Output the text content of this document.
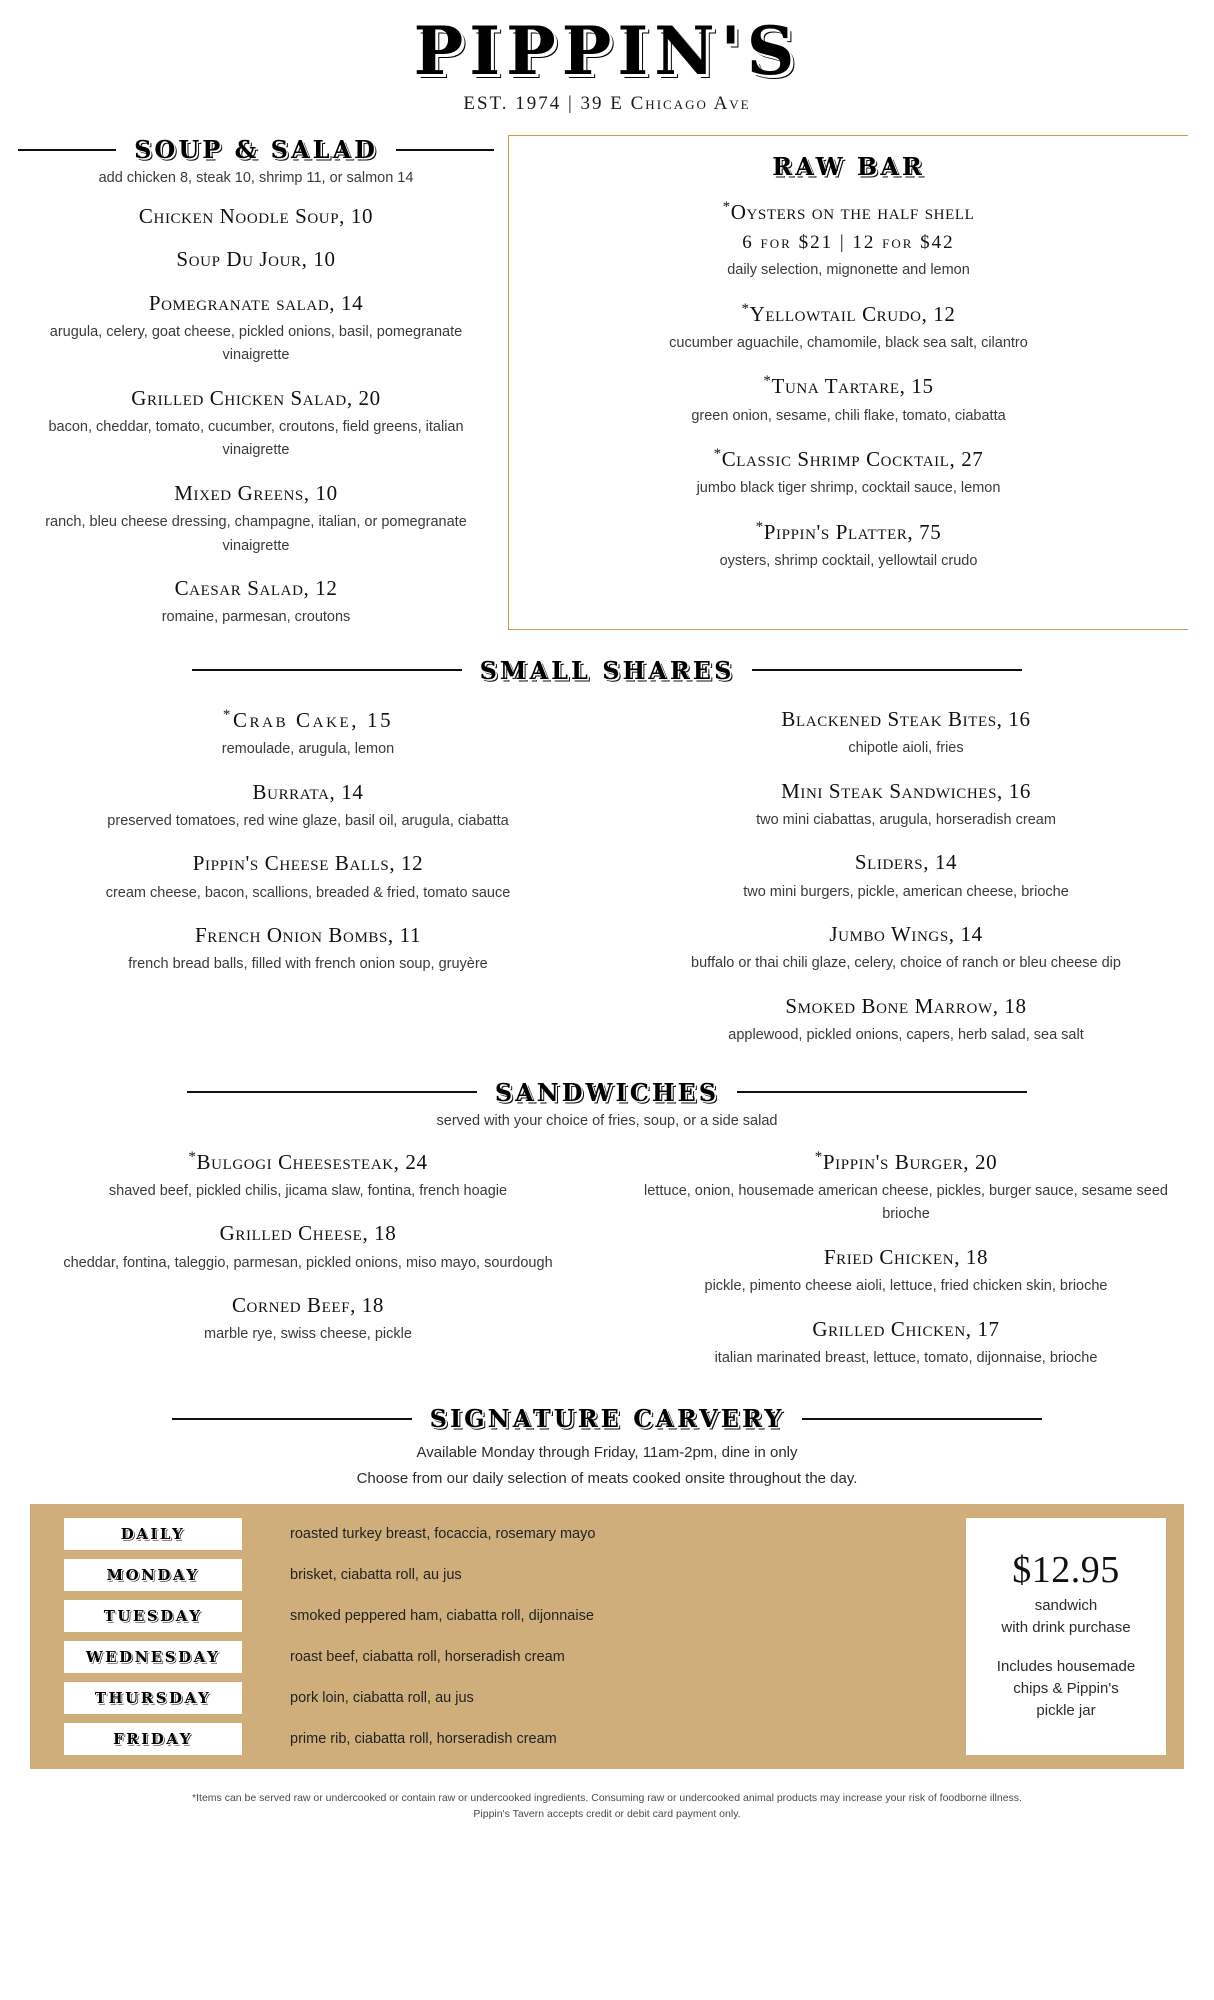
PIPPIN'S
EST. 1974 | 39 E Chicago Ave
SOUP & SALAD
add chicken 8, steak 10, shrimp 11, or salmon 14
Chicken Noodle Soup, 10
Soup Du Jour, 10
Pomegranate salad, 14
arugula, celery, goat cheese, pickled onions, basil, pomegranate vinaigrette
Grilled Chicken Salad, 20
bacon, cheddar, tomato, cucumber, croutons, field greens, italian vinaigrette
Mixed Greens, 10
ranch, bleu cheese dressing, champagne, italian, or pomegranate vinaigrette
Caesar Salad, 12
romaine, parmesan, croutons
RAW BAR
*Oysters on the half shell
6 for $21 | 12 for $42
daily selection, mignonette and lemon
*Yellowtail Crudo, 12
cucumber aguachile, chamomile, black sea salt, cilantro
*Tuna Tartare, 15
green onion, sesame, chili flake, tomato, ciabatta
*Classic Shrimp Cocktail, 27
jumbo black tiger shrimp, cocktail sauce, lemon
*Pippin's Platter, 75
oysters, shrimp cocktail, yellowtail crudo
SMALL SHARES
*Crab Cake, 15
remoulade, arugula, lemon
Burrata, 14
preserved tomatoes, red wine glaze, basil oil, arugula, ciabatta
Pippin's Cheese Balls, 12
cream cheese, bacon, scallions, breaded & fried, tomato sauce
French Onion Bombs, 11
french bread balls, filled with french onion soup, gruyère
Blackened Steak Bites, 16
chipotle aioli, fries
Mini Steak Sandwiches, 16
two mini ciabattas, arugula, horseradish cream
Sliders, 14
two mini burgers, pickle, american cheese, brioche
Jumbo Wings, 14
buffalo or thai chili glaze, celery, choice of ranch or bleu cheese dip
Smoked Bone Marrow, 18
applewood, pickled onions, capers, herb salad, sea salt
SANDWICHES
served with your choice of fries, soup, or a side salad
*Bulgogi Cheesesteak, 24
shaved beef, pickled chilis, jicama slaw, fontina, french hoagie
Grilled Cheese, 18
cheddar, fontina, taleggio, parmesan, pickled onions, miso mayo, sourdough
Corned Beef, 18
marble rye, swiss cheese, pickle
*Pippin's Burger, 20
lettuce, onion, housemade american cheese, pickles, burger sauce, sesame seed brioche
Fried Chicken, 18
pickle, pimento cheese aioli, lettuce, fried chicken skin, brioche
Grilled Chicken, 17
italian marinated breast, lettuce, tomato, dijonnaise, brioche
SIGNATURE CARVERY
Available Monday through Friday, 11am-2pm, dine in only
Choose from our daily selection of meats cooked onsite throughout the day.
DAILY	roasted turkey breast, focaccia, rosemary mayo
MONDAY	brisket, ciabatta roll, au jus
TUESDAY	smoked peppered ham, ciabatta roll, dijonnaise
WEDNESDAY	roast beef, ciabatta roll, horseradish cream
THURSDAY	pork loin, ciabatta roll, au jus
FRIDAY	prime rib, ciabatta roll, horseradish cream
$12.95
sandwich
with drink purchase
Includes housemade
chips & Pippin's
pickle jar
*Items can be served raw or undercooked or contain raw or undercooked ingredients. Consuming raw or undercooked animal products may increase your risk of foodborne illness.
Pippin's Tavern accepts credit or debit card payment only.
